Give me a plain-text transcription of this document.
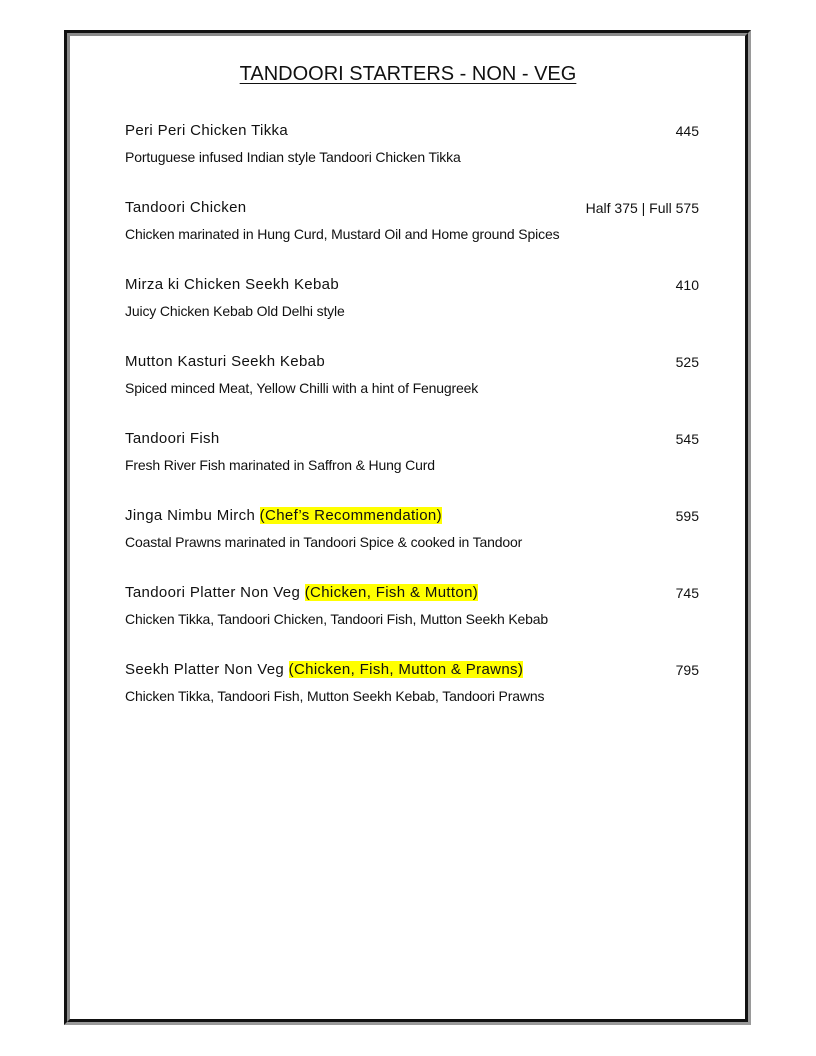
TANDOORI STARTERS - NON - VEG
Peri Peri Chicken Tikka	445
Portuguese infused Indian style Tandoori Chicken Tikka
Tandoori Chicken	Half 375 | Full 575
Chicken marinated in Hung Curd, Mustard Oil and Home ground Spices
Mirza ki Chicken Seekh Kebab	410
Juicy Chicken Kebab Old Delhi style
Mutton Kasturi Seekh Kebab	525
Spiced minced Meat, Yellow Chilli with a hint of Fenugreek
Tandoori Fish	545
Fresh River Fish marinated in Saffron & Hung Curd
Jinga Nimbu Mirch (Chef’s Recommendation)	595
Coastal Prawns marinated in Tandoori Spice & cooked in Tandoor
Tandoori Platter Non Veg (Chicken, Fish & Mutton)	745
Chicken Tikka, Tandoori Chicken, Tandoori Fish, Mutton Seekh Kebab
Seekh Platter Non Veg (Chicken, Fish, Mutton & Prawns)	795
Chicken Tikka, Tandoori Fish, Mutton Seekh Kebab, Tandoori Prawns
